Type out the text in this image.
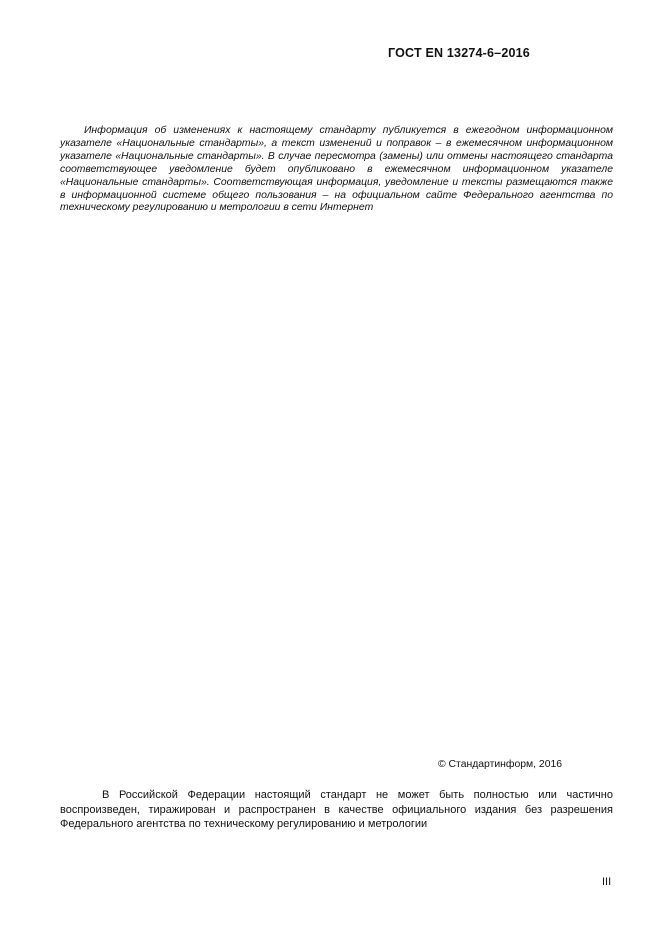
ГОСТ EN 13274-6–2016

Информация об изменениях к настоящему стандарту публикуется в ежегодном информационном указателе «Национальные стандарты», а текст изменений и поправок – в ежемесячном информационном указателе «Национальные стандарты». В случае пересмотра (замены) или отмены настоящего стандарта соответствующее уведомление будет опубликовано в ежемесячном информационном указателе «Национальные стандарты». Соответствующая информация, уведомление и тексты размещаются также в информационной системе общего пользования – на официальном сайте Федерального агентства по техническому регулированию и метрологии в сети Интернет

© Стандартинформ, 2016

В Российской Федерации настоящий стандарт не может быть полностью или частично воспроизведен, тиражирован и распространен в качестве официального издания без разрешения Федерального агентства по техническому регулированию и метрологии

III
